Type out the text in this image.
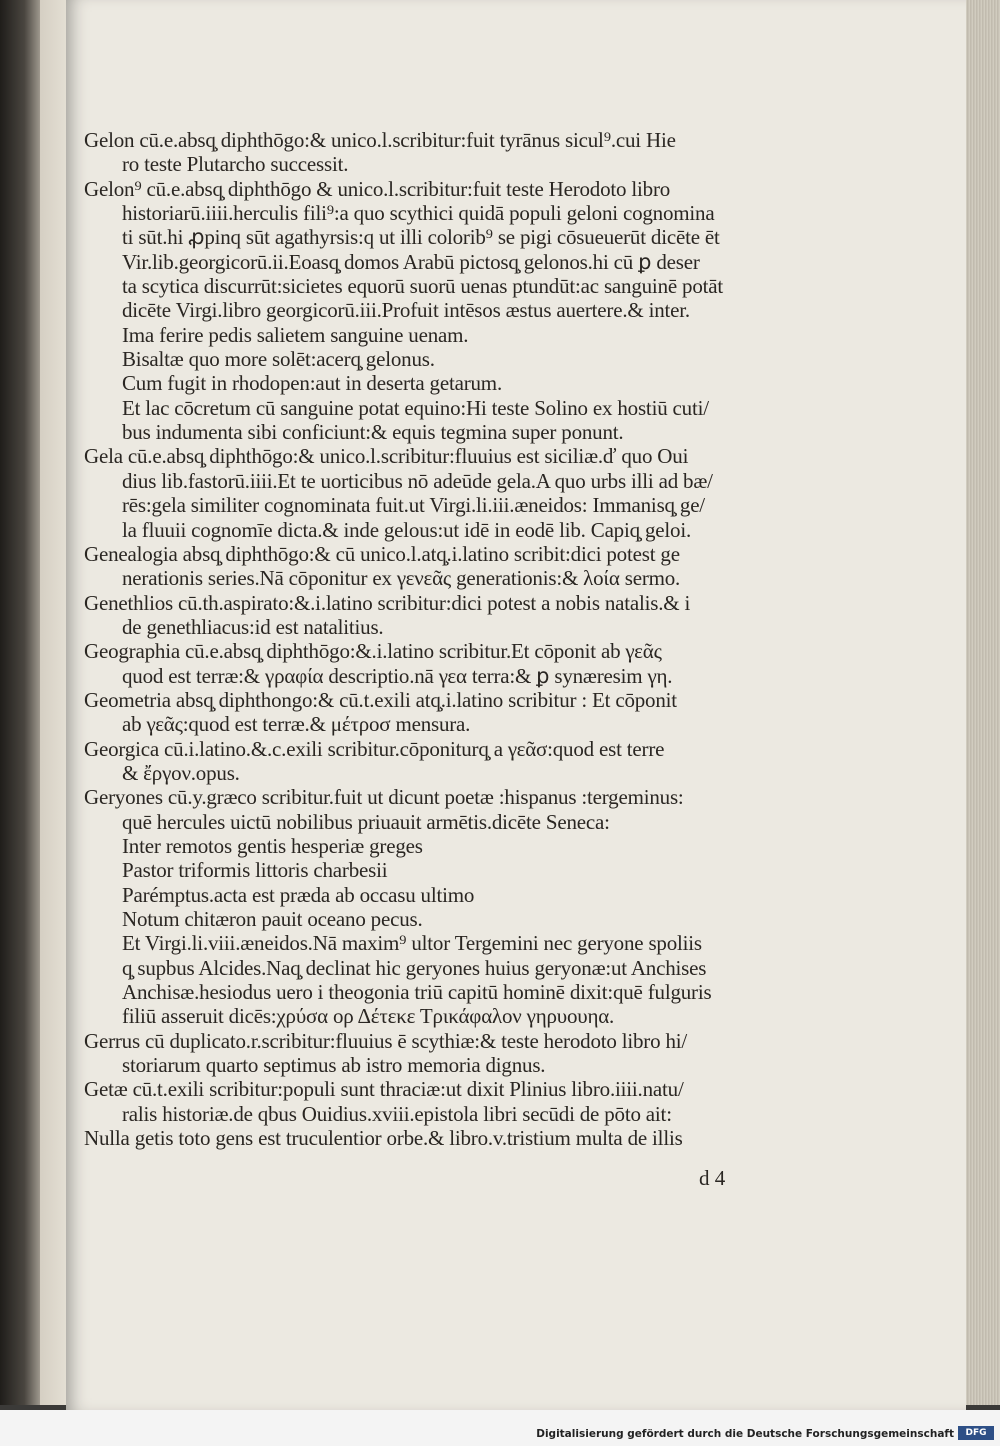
Gelon cū.e.absq̧ diphthōgo:& unico.l.scribitur:fuit tyrānus sicul⁹.cui Hie
ro teste Plutarcho successit.
Gelon⁹ cū.e.absq̧ diphthōgo & unico.l.scribitur:fuit teste Herodoto libro
historiarū.iiii.herculis fili⁹:a quo scythici quidā populi geloni cognomina
ti sūt.hi ꝓpinq sūt agathyrsis:q ut illi colorib⁹ se pigi cōsueuerūt dicēte ēt
Vir.lib.georgicorū.ii.Eoasq̧ domos Arabū pictosq̧ gelonos.hi cū ꝑ deser
ta scytica discurrūt:sicietes equorū suorū uenas ptundūt:ac sanguinē potāt
dicēte Virgi.libro georgicorū.iii.Profuit intēsos æstus auertere.& inter.
Ima ferire pedis salietem sanguine uenam.
Bisaltæ quo more solēt:acerq̧ gelonus.
Cum fugit in rhodopen:aut in deserta getarum.
Et lac cōcretum cū sanguine potat equino:Hi teste Solino ex hostiū cuti/
bus indumenta sibi conficiunt:& equis tegmina super ponunt.
Gela cū.e.absq̧ diphthōgo:& unico.l.scribitur:fluuius est siciliæ.ď quo Oui
dius lib.fastorū.iiii.Et te uorticibus nō adeūde gela.A quo urbs illi ad bæ/
rēs:gela similiter cognominata fuit.ut Virgi.li.iii.æneidos: Immanisq̧ ge/
la fluuii cognomīe dicta.& inde gelous:ut idē in eodē lib. Capiq̧ geloi.
Genealogia absq̧ diphthōgo:& cū unico.l.atq̧.i.latino scribit:dici potest ge
nerationis series.Nā cōponitur ex γενεᾶς generationis:& λοία sermo.
Genethlios cū.th.aspirato:&.i.latino scribitur:dici potest a nobis natalis.& i
de genethliacus:id est natalitius.
Geographia cū.e.absq̧ diphthōgo:&.i.latino scribitur.Et cōponit ab γεᾶς
quod est terræ:& γραφία descriptio.nā γεα terra:& ꝑ synæresim γη.
Geometria absq̧ diphthongo:& cū.t.exili atq̧.i.latino scribitur : Et cōponit
ab γεᾶς:quod est terræ.& μέτροσ mensura.
Georgica cū.i.latino.&.c.exili scribitur.cōponiturq̧ a γεᾶσ:quod est terre
& ἔργον.opus.
Geryones cū.y.græco scribitur.fuit ut dicunt poetæ :hispanus :tergeminus:
quē hercules uictū nobilibus priuauit armētis.dicēte Seneca:
Inter remotos gentis hesperiæ greges
Pastor triformis littoris charbesii
Parémptus.acta est præda ab occasu ultimo
Notum chitæron pauit oceano pecus.
Et Virgi.li.viii.æneidos.Nā maxim⁹ ultor Tergemini nec geryone spoliis
q̧ supbus Alcides.Naq̧ declinat hic geryones huius geryonæ:ut Anchises
Anchisæ.hesiodus uero i theogonia triū capitū hominē dixit:quē fulguris
filiū asseruit dicēs:χρύσα ορ Δέτεκε Τρικάφαλον γηρυουηα.
Gerrus cū duplicato.r.scribitur:fluuius ē scythiæ:& teste herodoto libro hi/
storiarum quarto septimus ab istro memoria dignus.
Getæ cū.t.exili scribitur:populi sunt thraciæ:ut dixit Plinius libro.iiii.natu/
ralis historiæ.de qbus Ouidius.xviii.epistola libri secūdi de pōto ait:
Nulla getis toto gens est truculentior orbe.& libro.v.tristium multa de illis
d 4
Digitalisierung gefördert durch die Deutsche Forschungsgemeinschaft	DFG
